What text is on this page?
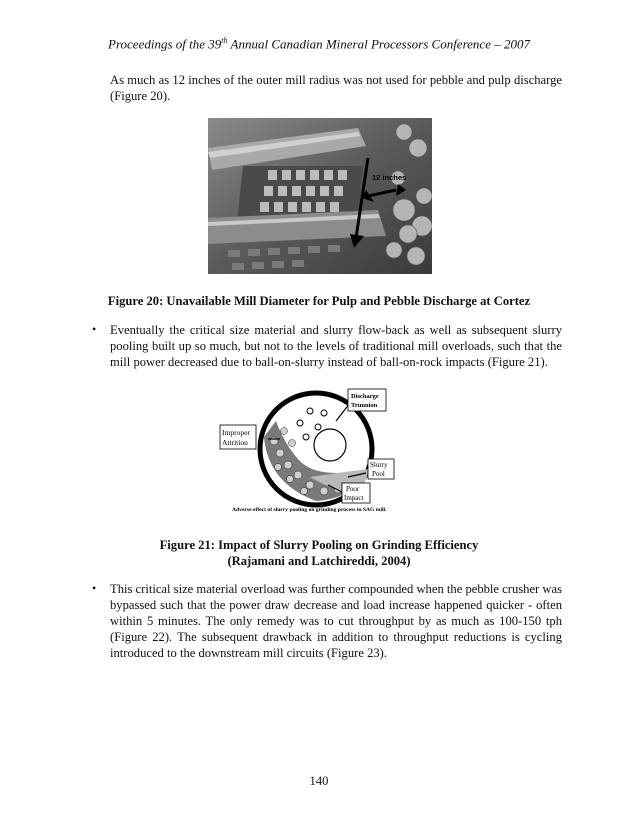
Proceedings of the 39th Annual Canadian Mineral Processors Conference – 2007
As much as 12 inches of the outer mill radius was not used for pebble and pulp discharge (Figure 20).
12 inches
Figure 20: Unavailable Mill Diameter for Pulp and Pebble Discharge at Cortez
• Eventually the critical size material and slurry flow-back as well as subsequent slurry pooling built up so much, but not to the levels of traditional mill overloads, such that the mill power decreased due to ball-on-slurry instead of ball-on-rock impacts (Figure 21).
Discharge
Trunnion
Improper
Attrition
Slurry
Pool
Poor
Impact
Adverse effect of slurry pooling on grinding process in SAG mill.
Figure 21: Impact of Slurry Pooling on Grinding Efficiency
(Rajamani and Latchireddi, 2004)
• This critical size material overload was further compounded when the pebble crusher was bypassed such that the power draw decrease and load increase happened quicker - often within 5 minutes. The only remedy was to cut throughput by as much as 100-150 tph (Figure 22). The subsequent drawback in addition to throughput reductions is cycling introduced to the downstream mill circuits (Figure 23).
140
